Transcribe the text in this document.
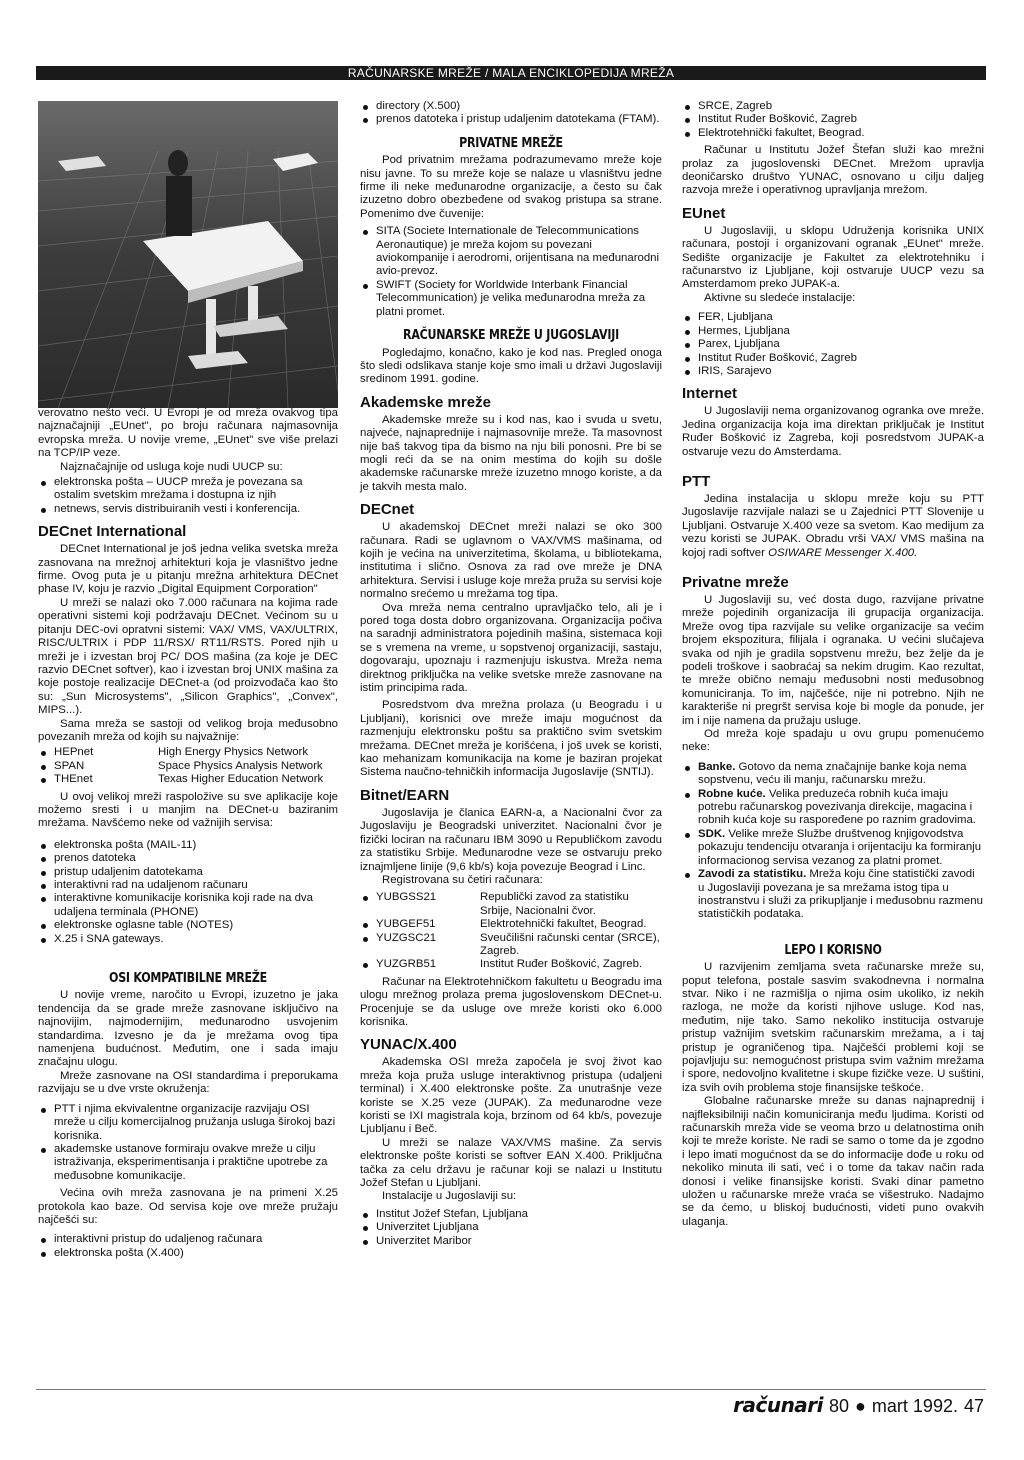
RAČUNARSKE MREŽE / MALA ENCIKLOPEDIJA MREŽA

verovatno nešto veći. U Evropi je od mreža ovakvog tipa najznačajniji „EUnet", po broju računara najmasovnija evropska mreža. U novije vreme, „EUnet" sve više prelazi na TCP/IP veze.

Najznačajnije od usluga koje nudi UUCP su:

elektronska pošta – UUCP mreža je povezana sa ostalim svetskim mrežama i dostupna iz njih
netnews, servis distribuiranih vesti i konferencija.
DECnet International

DECnet International je još jedna velika svetska mreža zasnovana na mrežnoj arhitekturi koja je vlasništvo jedne firme. Ovog puta je u pitanju mrežna arhitektura DECnet phase IV, koju je razvio „Digital Equipment Corporation"

U mreži se nalazi oko 7.000 računara na kojima rade operativni sistemi koji podržavaju DECnet. Većinom su u pitanju DEC-ovi opratvni sistemi: VAX/ VMS, VAX/ULTRIX, RISC/ULTRIX i PDP 11/RSX/ RT11/RSTS. Pored njih u mreži je i izvestan broj PC/ DOS mašina (za koje je DEC razvio DECnet softver), kao i izvestan broj UNIX mašina za koje postoje realizacije DECnet-a (od proizvođača kao što su: „Sun Microsystems", „Silicon Graphics", „Convex", MIPS...).

Sama mreža se sastoji od velikog broja međusobno povezanih mreža od kojih su najvažnije:

HEPnet	High Energy Physics Network
SPAN	Space Physics Analysis Network
THEnet	Texas Higher Education Network

U ovoj velikoj mreži raspoložive su sve aplikacije koje možemo sresti i u manjim na DECnet-u baziranim mrežama. Navšćemo neke od važnijih servisa:

elektronska pošta (MAIL-11)
prenos datoteka
pristup udaljenim datotekama
interaktivni rad na udaljenom računaru
interaktivne komunikacije korisnika koji rade na dva udaljena terminala (PHONE)
elektronske oglasne table (NOTES)
X.25 i SNA gateways.
OSI KOMPATIBILNE MREŽE

U novije vreme, naročito u Evropi, izuzetno je jaka tendencija da se grade mreže zasnovane isključivo na najnovijim, najmodernijim, međunarodno usvojenim standardima. Izvesno je da je mrežama ovog tipa namenjena budućnost. Međutim, one i sada imaju značajnu ulogu.

Mreže zasnovane na OSI standardima i preporukama razvijaju se u dve vrste okruženja:

PTT i njima ekvivalentne organizacije razvijaju OSI mreže u cilju komercijalnog pružanja usluga širokoj bazi korisnika.
akademske ustanove formiraju ovakve mreže u cilju istraživanja, eksperimentisanja i praktične upotrebe za međusobne komunikacije.

Većina ovih mreža zasnovana je na primeni X.25 protokola kao baze. Od servisa koje ove mreže pružaju najčešći su:

interaktivni pristup do udaljenog računara
elektronska pošta (X.400)
directory (X.500)
prenos datoteka i pristup udaljenim datotekama (FTAM).
PRIVATNE MREŽE

Pod privatnim mrežama podrazumevamo mreže koje nisu javne. To su mreže koje se nalaze u vlasništvu jedne firme ili neke međunarodne organizacije, a često su čak izuzetno dobro obezbeđene od svakog pristupa sa strane. Pomenimo dve čuvenije:

SITA (Societe Internationale de Telecommunications Aeronautique) je mreža kojom su povezani aviokompanije i aerodromi, orijentisana na međunarodni avio-prevoz.
SWIFT (Society for Worldwide Interbank Financial Telecommunication) je velika međunarodna mreža za platni promet.
RAČUNARSKE MREŽE U JUGOSLAVIJI

Pogledajmo, konačno, kako je kod nas. Pregled onoga što sledi odslikava stanje koje smo imali u državi Jugoslaviji sredinom 1991. godine.

Akademske mreže

Akademske mreže su i kod nas, kao i svuda u svetu, najveće, najnaprednije i najmasovnije mreže. Ta masovnost nije baš takvog tipa da bismo na nju bili ponosni. Pre bi se mogli reći da se na onim mestima do kojih su došle akademske računarske mreže izuzetno mnogo koriste, a da je takvih mesta malo.

DECnet

U akademskoj DECnet mreži nalazi se oko 300 računara. Radi se uglavnom o VAX/VMS mašinama, od kojih je većina na univerzitetima, školama, u bibliotekama, institutima i slično. Osnova za rad ove mreže je DNA arhitektura. Servisi i usluge koje mreža pruža su servisi koje normalno srećemo u mrežama tog tipa.

Ova mreža nema centralno upravljačko telo, ali je i pored toga dosta dobro organizovana. Organizacija počiva na saradnji administratora pojedinih mašina, sistemaca koji se s vremena na vreme, u sopstvenoj organizaciji, sastaju, dogovaraju, upoznaju i razmenjuju iskustva. Mreža nema direktnog priključka na velike svetske mreže zasnovane na istim principima rada.

Posredstvom dva mrežna prolaza (u Beogradu i u Ljubljani), korisnici ove mreže imaju mogućnost da razmenjuju elektronsku poštu sa praktično svim svetskim mrežama. DECnet mreža je korišćena, i još uvek se koristi, kao mehanizam komunikacija na kome je baziran projekat Sistema naučno-tehničkih informacija Jugoslavije (SNTIJ).

Bitnet/EARN

Jugoslavija je članica EARN-a, a Nacionalni čvor za Jugoslaviju je Beogradski univerzitet. Nacionalni čvor je fizički lociran na računaru IBM 3090 u Republičkom zavodu za statistiku Srbije. Međunarodne veze se ostvaruju preko iznajmljene linije (9,6 kb/s) koja povezuje Beograd i Linc.

Registrovana su četiri računara:

YUBGSS21	Republički zavod za statistiku Srbije, Nacionalni čvor.
YUBGEF51	Elektrotehnički fakultet, Beograd.
YUZGSC21	Sveučilišni računski centar (SRCE), Zagreb.
YUZGRB51	Institut Ruđer Bošković, Zagreb.

Računar na Elektrotehničkom fakultetu u Beogradu ima ulogu mrežnog prolaza prema jugoslovenskom DECnet-u. Procenjuje se da usluge ove mreže koristi oko 6.000 korisnika.

YUNAC/X.400

Akademska OSI mreža započela je svoj život kao mreža koja pruža usluge interaktivnog pristupa (udaljeni terminal) i X.400 elektronske pošte. Za unutrašnje veze koriste se X.25 veze (JUPAK). Za međunarodne veze koristi se IXI magistrala koja, brzinom od 64 kb/s, povezuje Ljubljanu i Beč.

U mreži se nalaze VAX/VMS mašine. Za servis elektronske pošte koristi se softver EAN X.400. Priključna tačka za celu državu je računar koji se nalazi u Institutu Jožef Stefan u Ljubljani.

Instalacije u Jugoslaviji su:

Institut Jožef Stefan, Ljubljana
Univerzitet Ljubljana
Univerzitet Maribor
SRCE, Zagreb
Institut Ruđer Bošković, Zagreb
Elektrotehnički fakultet, Beograd.

Računar u Institutu Jožef Štefan služi kao mrežni prolaz za jugoslovenski DECnet. Mrežom upravlja deoničarsko društvo YUNAC, osnovano u cilju daljeg razvoja mreže i operativnog upravljanja mrežom.

EUnet

U Jugoslaviji, u sklopu Udruženja korisnika UNIX računara, postoji i organizovani ogranak „EUnet" mreže. Sedište organizacije je Fakultet za elektrotehniku i računarstvo iz Ljubljane, koji ostvaruje UUCP vezu sa Amsterdamom preko JUPAK-a.

Aktivne su sledeće instalacije:

FER, Ljubljana
Hermes, Ljubljana
Parex, Ljubljana
Institut Ruđer Bošković, Zagreb
IRIS, Sarajevo
Internet

U Jugoslaviji nema organizovanog ogranka ove mreže. Jedina organizacija koja ima direktan priključak je Institut Ruđer Bošković iz Zagreba, koji posredstvom JUPAK-a ostvaruje vezu do Amsterdama.

PTT

Jedina instalacija u sklopu mreže koju su PTT Jugoslavije razvijale nalazi se u Zajednici PTT Slovenije u Ljubljani. Ostvaruje X.400 veze sa svetom. Kao medijum za vezu koristi se JUPAK. Obradu vrši VAX/ VMS mašina na kojoj radi softver OSIWARE Messenger X.400.

Privatne mreže

U Jugoslaviji su, već dosta dugo, razvijane privatne mreže pojedinih organizacija ili grupacija organizacija. Mreže ovog tipa razvijale su velike organizacije sa većim brojem ekspozitura, filijala i ogranaka. U većini slučajeva svaka od njih je gradila sopstvenu mrežu, bez želje da je podeli troškove i saobraćaj sa nekim drugim. Kao rezultat, te mreže obično nemaju međusobni nosti međusobnog komuniciranja. To im, najčešće, nije ni potrebno. Njih ne karakteriše ni pregršt servisa koje bi mogle da ponude, jer im i nije namena da pružaju usluge.

Od mreža koje spadaju u ovu grupu pomenućemo neke:

Banke. Gotovo da nema značajnije banke koja nema sopstvenu, veću ili manju, računarsku mrežu.
Robne kuće. Velika preduzeća robnih kuća imaju potrebu računarskog povezivanja direkcije, magacina i robnih kuća koje su raspoređene po raznim gradovima.
SDK. Velike mreže Službe društvenog knjigovodstva pokazuju tendenciju otvaranja i orijentaciju ka formiranju informacionog servisa vezanog za platni promet.
Zavodi za statistiku. Mreža koju čine statistički zavodi u Jugoslaviji povezana je sa mrežama istog tipa u inostranstvu i služi za prikupljanje i međusobnu razmenu statističkih podataka.
LEPO I KORISNO

U razvijenim zemljama sveta računarske mreže su, poput telefona, postale sasvim svakodnevna i normalna stvar. Niko i ne razmišlja o njima osim ukoliko, iz nekih razloga, ne može da koristi njihove usluge. Kod nas, međutim, nije tako. Samo nekoliko institucija ostvaruje pristup važnijim svetskim računarskim mrežama, a i taj pristup je ograničenog tipa. Najčešći problemi koji se pojavljuju su: nemogućnost pristupa svim važnim mrežama i spore, nedovoljno kvalitetne i skupe fizičke veze. U suštini, iza svih ovih problema stoje finansijske teškoće.

Globalne računarske mreže su danas najnaprednij i najfleksibilniji način komuniciranja među ljudima. Koristi od računarskih mreža vide se veoma brzo u delatnostima onih koji te mreže koriste. Ne radi se samo o tome da je zgodno i lepo imati mogućnost da se do informacije dođe u roku od nekoliko minuta ili sati, već i o tome da takav način rada donosi i velike finansijske koristi. Svaki dinar pametno uložen u računarske mreže vraća se višestruko. Nadajmo se da ćemo, u bliskoj budućnosti, videti puno ovakvih ulaganja.

računari 80 ● mart 1992. 47
